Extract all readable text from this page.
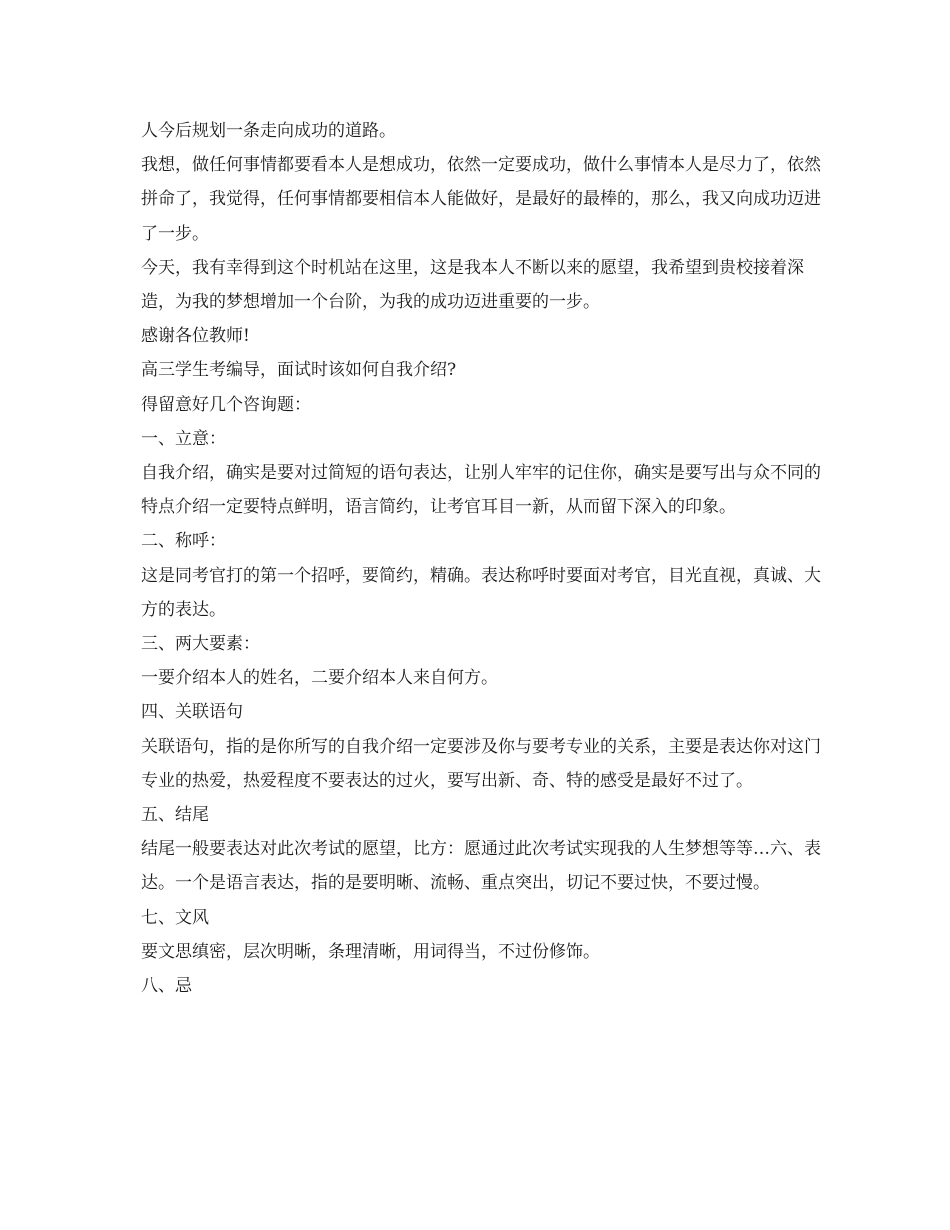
人今后规划一条走向成功的道路。

我想，做任何事情都要看本人是想成功，依然一定要成功，做什么事情本人是尽力了，依然拼命了，我觉得，任何事情都要相信本人能做好，是最好的最棒的，那么，我又向成功迈进了一步。

今天，我有幸得到这个时机站在这里，这是我本人不断以来的愿望，我希望到贵校接着深造，为我的梦想增加一个台阶，为我的成功迈进重要的一步。

感谢各位教师!

高三学生考编导，面试时该如何自我介绍?

得留意好几个咨询题：

一、立意：

自我介绍，确实是要对过简短的语句表达，让别人牢牢的记住你，确实是要写出与众不同的特点介绍一定要特点鲜明，语言简约，让考官耳目一新，从而留下深入的印象。

二、称呼：

这是同考官打的第一个招呼，要简约，精确。表达称呼时要面对考官，目光直视，真诚、大方的表达。

三、两大要素：

一要介绍本人的姓名，二要介绍本人来自何方。

四、关联语句

关联语句，指的是你所写的自我介绍一定要涉及你与要考专业的关系，主要是表达你对这门专业的热爱，热爱程度不要表达的过火，要写出新、奇、特的感受是最好不过了。

五、结尾

结尾一般要表达对此次考试的愿望，比方：愿通过此次考试实现我的人生梦想等等…六、表达。一个是语言表达，指的是要明晰、流畅、重点突出，切记不要过快，不要过慢。

七、文风

要文思缜密，层次明晰，条理清晰，用词得当，不过份修饰。

八、忌
